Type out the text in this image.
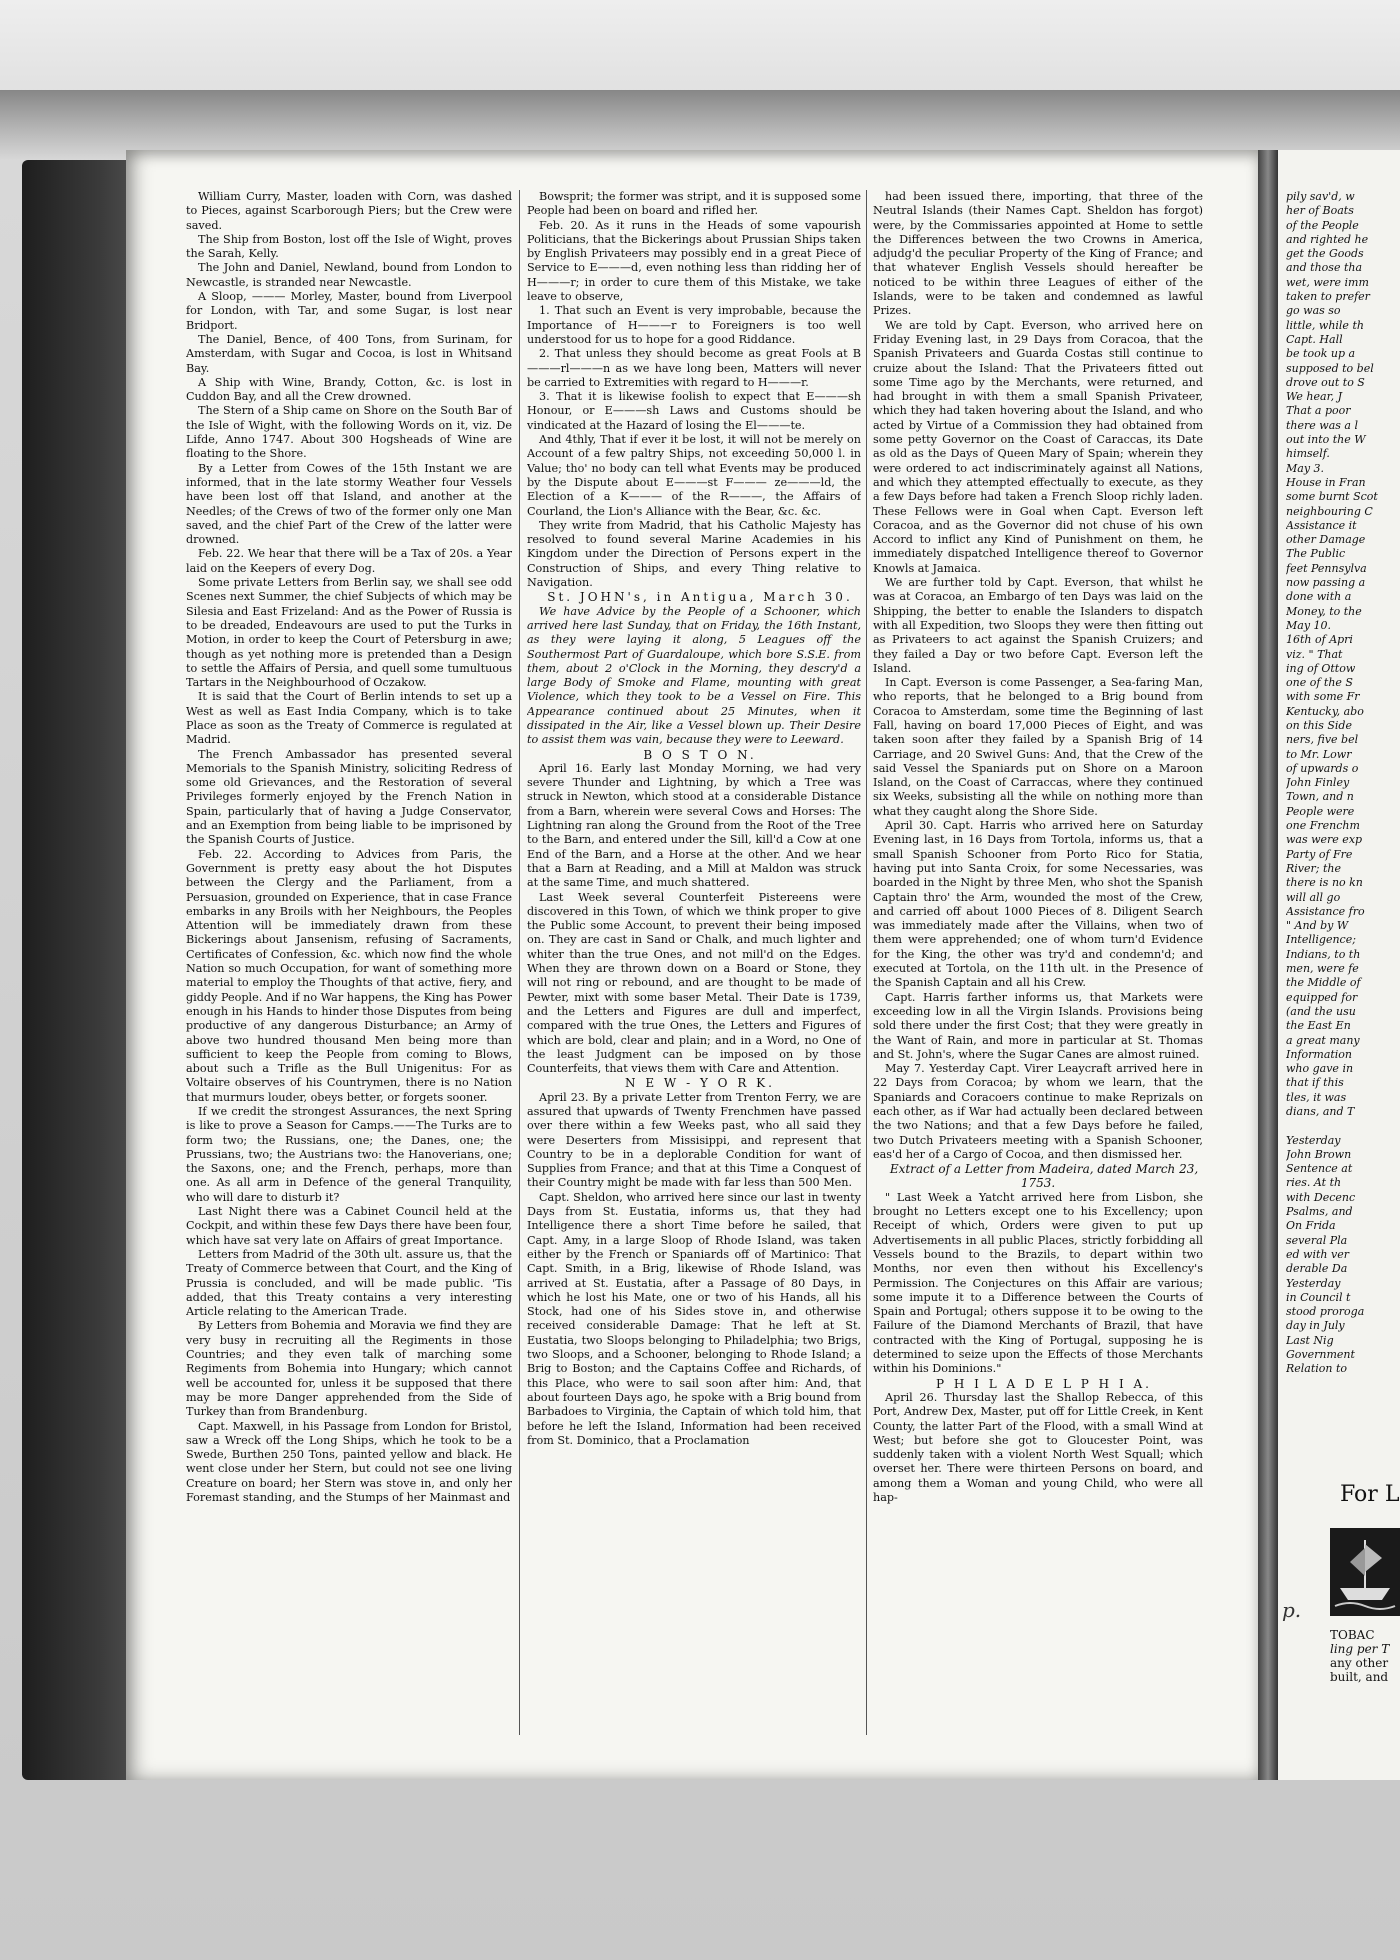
William Curry, Master, loaden with Corn, was dashed to Pieces, against Scarborough Piers; but the Crew were saved.

The Ship from Boston, lost off the Isle of Wight, proves the Sarah, Kelly.

The John and Daniel, Newland, bound from London to Newcastle, is stranded near Newcastle.

A Sloop, ——— Morley, Master, bound from Liverpool for London, with Tar, and some Sugar, is lost near Bridport.

The Daniel, Bence, of 400 Tons, from Surinam, for Amsterdam, with Sugar and Cocoa, is lost in Whitsand Bay.

A Ship with Wine, Brandy, Cotton, &c. is lost in Cuddon Bay, and all the Crew drowned.

The Stern of a Ship came on Shore on the South Bar of the Isle of Wight, with the following Words on it, viz. De Lifde, Anno 1747. About 300 Hogsheads of Wine are floating to the Shore.

By a Letter from Cowes of the 15th Instant we are informed, that in the late stormy Weather four Vessels have been lost off that Island, and another at the Needles; of the Crews of two of the former only one Man saved, and the chief Part of the Crew of the latter were drowned.

Feb. 22. We hear that there will be a Tax of 20s. a Year laid on the Keepers of every Dog.

Some private Letters from Berlin say, we shall see odd Scenes next Summer, the chief Subjects of which may be Silesia and East Frizeland: And as the Power of Russia is to be dreaded, Endeavours are used to put the Turks in Motion, in order to keep the Court of Petersburg in awe; though as yet nothing more is pretended than a Design to settle the Affairs of Persia, and quell some tumultuous Tartars in the Neighbourhood of Oczakow.

It is said that the Court of Berlin intends to set up a West as well as East India Company, which is to take Place as soon as the Treaty of Commerce is regulated at Madrid.

The French Ambassador has presented several Memorials to the Spanish Ministry, soliciting Redress of some old Grievances, and the Restoration of several Privileges formerly enjoyed by the French Nation in Spain, particularly that of having a Judge Conservator, and an Exemption from being liable to be imprisoned by the Spanish Courts of Justice.

Feb. 22. According to Advices from Paris, the Government is pretty easy about the hot Disputes between the Clergy and the Parliament, from a Persuasion, grounded on Experience, that in case France embarks in any Broils with her Neighbours, the Peoples Attention will be immediately drawn from these Bickerings about Jansenism, refusing of Sacraments, Certificates of Confession, &c. which now find the whole Nation so much Occupation, for want of something more material to employ the Thoughts of that active, fiery, and giddy People. And if no War happens, the King has Power enough in his Hands to hinder those Disputes from being productive of any dangerous Disturbance; an Army of above two hundred thousand Men being more than sufficient to keep the People from coming to Blows, about such a Trifle as the Bull Unigenitus: For as Voltaire observes of his Countrymen, there is no Nation that murmurs louder, obeys better, or forgets sooner.

If we credit the strongest Assurances, the next Spring is like to prove a Season for Camps.——The Turks are to form two; the Russians, one; the Danes, one; the Prussians, two; the Austrians two: the Hanoverians, one; the Saxons, one; and the French, perhaps, more than one. As all arm in Defence of the general Tranquility, who will dare to disturb it?

Last Night there was a Cabinet Council held at the Cockpit, and within these few Days there have been four, which have sat very late on Affairs of great Importance.

Letters from Madrid of the 30th ult. assure us, that the Treaty of Commerce between that Court, and the King of Prussia is concluded, and will be made public. 'Tis added, that this Treaty contains a very interesting Article relating to the American Trade.

By Letters from Bohemia and Moravia we find they are very busy in recruiting all the Regiments in those Countries; and they even talk of marching some Regiments from Bohemia into Hungary; which cannot well be accounted for, unless it be supposed that there may be more Danger apprehended from the Side of Turkey than from Brandenburg.

Capt. Maxwell, in his Passage from London for Bristol, saw a Wreck off the Long Ships, which he took to be a Swede, Burthen 250 Tons, painted yellow and black. He went close under her Stern, but could not see one living Creature on board; her Stern was stove in, and only her Foremast standing, and the Stumps of her Mainmast and

Bowsprit; the former was stript, and it is supposed some People had been on board and rifled her.

Feb. 20. As it runs in the Heads of some vapourish Politicians, that the Bickerings about Prussian Ships taken by English Privateers may possibly end in a great Piece of Service to E———d, even nothing less than ridding her of H———r; in order to cure them of this Mistake, we take leave to observe,

1. That such an Event is very improbable, because the Importance of H———r to Foreigners is too well understood for us to hope for a good Riddance.

2. That unless they should become as great Fools at B———rl———n as we have long been, Matters will never be carried to Extremities with regard to H———r.

3. That it is likewise foolish to expect that E———sh Honour, or E———sh Laws and Customs should be vindicated at the Hazard of losing the El———te.

And 4thly, That if ever it be lost, it will not be merely on Account of a few paltry Ships, not exceeding 50,000 l. in Value; tho' no body can tell what Events may be produced by the Dispute about E———st F——— ze———ld, the Election of a K——— of the R———, the Affairs of Courland, the Lion's Alliance with the Bear, &c. &c.

They write from Madrid, that his Catholic Majesty has resolved to found several Marine Academies in his Kingdom under the Direction of Persons expert in the Construction of Ships, and every Thing relative to Navigation.

St. JOHN's, in Antigua, March 30.

We have Advice by the People of a Schooner, which arrived here last Sunday, that on Friday, the 16th Instant, as they were laying it along, 5 Leagues off the Southermost Part of Guardaloupe, which bore S.S.E. from them, about 2 o'Clock in the Morning, they descry'd a large Body of Smoke and Flame, mounting with great Violence, which they took to be a Vessel on Fire. This Appearance continued about 25 Minutes, when it dissipated in the Air, like a Vessel blown up. Their Desire to assist them was vain, because they were to Leeward.

B O S T O N.

April 16. Early last Monday Morning, we had very severe Thunder and Lightning, by which a Tree was struck in Newton, which stood at a considerable Distance from a Barn, wherein were several Cows and Horses: The Lightning ran along the Ground from the Root of the Tree to the Barn, and entered under the Sill, kill'd a Cow at one End of the Barn, and a Horse at the other. And we hear that a Barn at Reading, and a Mill at Maldon was struck at the same Time, and much shattered.

Last Week several Counterfeit Pistereens were discovered in this Town, of which we think proper to give the Public some Account, to prevent their being imposed on. They are cast in Sand or Chalk, and much lighter and whiter than the true Ones, and not mill'd on the Edges. When they are thrown down on a Board or Stone, they will not ring or rebound, and are thought to be made of Pewter, mixt with some baser Metal. Their Date is 1739, and the Letters and Figures are dull and imperfect, compared with the true Ones, the Letters and Figures of which are bold, clear and plain; and in a Word, no One of the least Judgment can be imposed on by those Counterfeits, that views them with Care and Attention.

N E W - Y O R K.

April 23. By a private Letter from Trenton Ferry, we are assured that upwards of Twenty Frenchmen have passed over there within a few Weeks past, who all said they were Deserters from Missisippi, and represent that Country to be in a deplorable Condition for want of Supplies from France; and that at this Time a Conquest of their Country might be made with far less than 500 Men.

Capt. Sheldon, who arrived here since our last in twenty Days from St. Eustatia, informs us, that they had Intelligence there a short Time before he sailed, that Capt. Amy, in a large Sloop of Rhode Island, was taken either by the French or Spaniards off of Martinico: That Capt. Smith, in a Brig, likewise of Rhode Island, was arrived at St. Eustatia, after a Passage of 80 Days, in which he lost his Mate, one or two of his Hands, all his Stock, had one of his Sides stove in, and otherwise received considerable Damage: That he left at St. Eustatia, two Sloops belonging to Philadelphia; two Brigs, two Sloops, and a Schooner, belonging to Rhode Island; a Brig to Boston; and the Captains Coffee and Richards, of this Place, who were to sail soon after him: And, that about fourteen Days ago, he spoke with a Brig bound from Barbadoes to Virginia, the Captain of which told him, that before he left the Island, Information had been received from St. Dominico, that a Proclamation

had been issued there, importing, that three of the Neutral Islands (their Names Capt. Sheldon has forgot) were, by the Commissaries appointed at Home to settle the Differences between the two Crowns in America, adjudg'd the peculiar Property of the King of France; and that whatever English Vessels should hereafter be noticed to be within three Leagues of either of the Islands, were to be taken and condemned as lawful Prizes.

We are told by Capt. Everson, who arrived here on Friday Evening last, in 29 Days from Coracoa, that the Spanish Privateers and Guarda Costas still continue to cruize about the Island: That the Privateers fitted out some Time ago by the Merchants, were returned, and had brought in with them a small Spanish Privateer, which they had taken hovering about the Island, and who acted by Virtue of a Commission they had obtained from some petty Governor on the Coast of Caraccas, its Date as old as the Days of Queen Mary of Spain; wherein they were ordered to act indiscriminately against all Nations, and which they attempted effectually to execute, as they a few Days before had taken a French Sloop richly laden. These Fellows were in Goal when Capt. Everson left Coracoa, and as the Governor did not chuse of his own Accord to inflict any Kind of Punishment on them, he immediately dispatched Intelligence thereof to Governor Knowls at Jamaica.

We are further told by Capt. Everson, that whilst he was at Coracoa, an Embargo of ten Days was laid on the Shipping, the better to enable the Islanders to dispatch with all Expedition, two Sloops they were then fitting out as Privateers to act against the Spanish Cruizers; and they failed a Day or two before Capt. Everson left the Island.

In Capt. Everson is come Passenger, a Sea-faring Man, who reports, that he belonged to a Brig bound from Coracoa to Amsterdam, some time the Beginning of last Fall, having on board 17,000 Pieces of Eight, and was taken soon after they failed by a Spanish Brig of 14 Carriage, and 20 Swivel Guns: And, that the Crew of the said Vessel the Spaniards put on Shore on a Maroon Island, on the Coast of Carraccas, where they continued six Weeks, subsisting all the while on nothing more than what they caught along the Shore Side.

April 30. Capt. Harris who arrived here on Saturday Evening last, in 16 Days from Tortola, informs us, that a small Spanish Schooner from Porto Rico for Statia, having put into Santa Croix, for some Necessaries, was boarded in the Night by three Men, who shot the Spanish Captain thro' the Arm, wounded the most of the Crew, and carried off about 1000 Pieces of 8. Diligent Search was immediately made after the Villains, when two of them were apprehended; one of whom turn'd Evidence for the King, the other was try'd and condemn'd; and executed at Tortola, on the 11th ult. in the Presence of the Spanish Captain and all his Crew.

Capt. Harris farther informs us, that Markets were exceeding low in all the Virgin Islands. Provisions being sold there under the first Cost; that they were greatly in the Want of Rain, and more in particular at St. Thomas and St. John's, where the Sugar Canes are almost ruined.

May 7. Yesterday Capt. Virer Leaycraft arrived here in 22 Days from Coracoa; by whom we learn, that the Spaniards and Coracoers continue to make Reprizals on each other, as if War had actually been declared between the two Nations; and that a few Days before he failed, two Dutch Privateers meeting with a Spanish Schooner, eas'd her of a Cargo of Cocoa, and then dismissed her.

Extract of a Letter from Madeira, dated March 23, 1753.

" Last Week a Yatcht arrived here from Lisbon, she brought no Letters except one to his Excellency; upon Receipt of which, Orders were given to put up Advertisements in all public Places, strictly forbidding all Vessels bound to the Brazils, to depart within two Months, nor even then without his Excellency's Permission. The Conjectures on this Affair are various; some impute it to a Difference between the Courts of Spain and Portugal; others suppose it to be owing to the Failure of the Diamond Merchants of Brazil, that have contracted with the King of Portugal, supposing he is determined to seize upon the Effects of those Merchants within his Dominions."

P H I L A D E L P H I A.

April 26. Thursday last the Shallop Rebecca, of this Port, Andrew Dex, Master, put off for Little Creek, in Kent County, the latter Part of the Flood, with a small Wind at West; but before she got to Gloucester Point, was suddenly taken with a violent North West Squall; which overset her. There were thirteen Persons on board, and among them a Woman and young Child, who were all hap-

pily sav'd, w
her of Boats
of the People
and righted he
get the Goods
and those tha
wet, were imm
taken to prefer
go was so
little, while th
Capt. Hall
be took up a
supposed to bel
drove out to S
We hear, J
That a poor
there was a l
out into the W
himself.
May 3.
House in Fran
some burnt Scot
neighbouring C
Assistance it
other Damage
The Public
feet Pennsylva
now passing a
done with a
Money, to the
May 10.
16th of Apri
viz. " That
ing of Ottow
one of the S
with some Fr
Kentucky, abo
on this Side
ners, five bel
to Mr. Lowr
of upwards o
John Finley
Town, and n
People were
one Frenchm
was were exp
Party of Fre
River; the
there is no kn
will all go
Assistance fro
" And by W
Intelligence;
Indians, to th
men, were fe
the Middle of
equipped for
(and the usu
the East En
a great many
Information
who gave in
that if this
tles, it was
dians, and T

Yesterday
John Brown
Sentence at
ries. At th
with Decenc
Psalms, and
On Frida
several Pla
ed with ver
derable Da
Yesterday
in Council t
stood proroga
day in July
Last Nig
Government
Relation to
For L
TOBAC
ling per T
any other
built, and
p.
